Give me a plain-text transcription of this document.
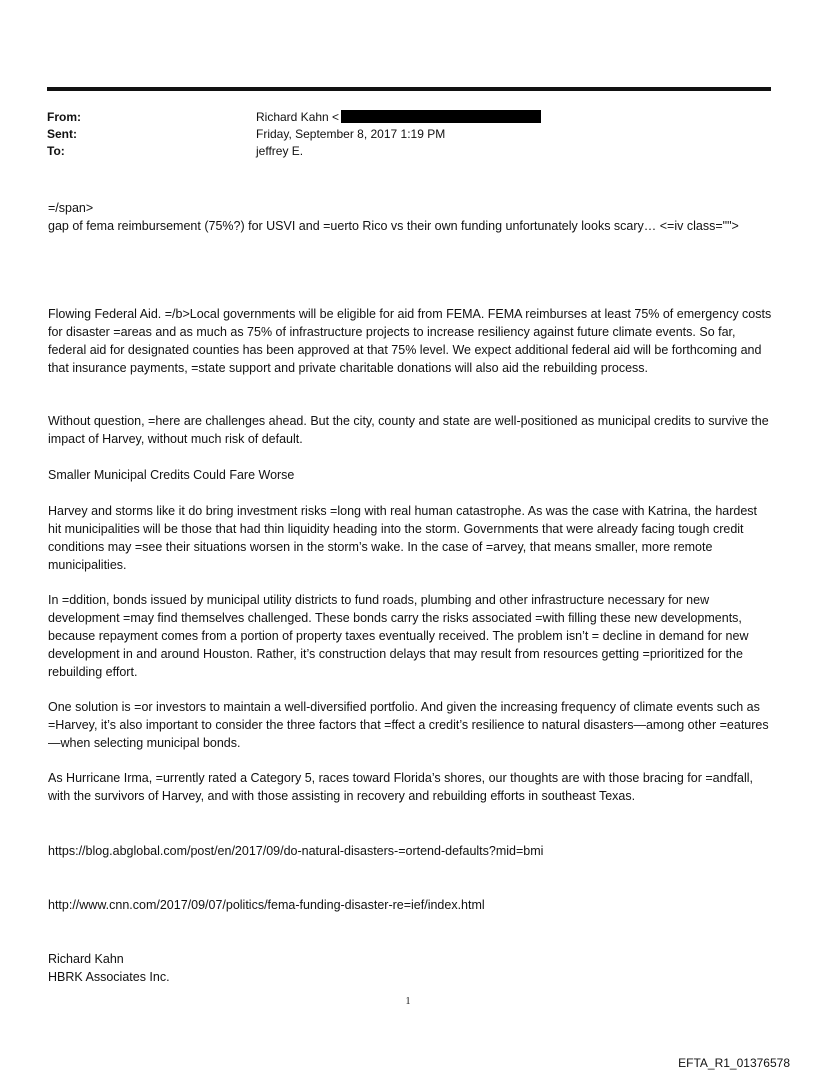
From:	Richard Kahn <
Sent:	Friday, September 8, 2017 1:19 PM
To:	jeffrey E.

=/span>

gap of fema reimbursement (75%?) for USVI and =uerto Rico vs their own funding unfortunately looks scary… <=iv class="">

Flowing Federal Aid. =/b>Local governments will be eligible for aid from FEMA. FEMA reimburses at least 75% of emergency costs for disaster =areas and as much as 75% of infrastructure projects to increase resiliency against future climate events. So far, federal aid for designated counties has been approved at that 75% level. We expect additional federal aid will be forthcoming and that insurance payments, =state support and private charitable donations will also aid the rebuilding process.

Without question, =here are challenges ahead. But the city, county and state are well-positioned as municipal credits to survive the impact of Harvey, without much risk of default.

Smaller Municipal Credits Could Fare Worse

Harvey and storms like it do bring investment risks =long with real human catastrophe. As was the case with Katrina, the hardest hit municipalities will be those that had thin liquidity heading into the storm. Governments that were already facing tough credit conditions may =see their situations worsen in the storm’s wake. In the case of =arvey, that means smaller, more remote municipalities.

In =ddition, bonds issued by municipal utility districts to fund roads, plumbing and other infrastructure necessary for new development =may find themselves challenged. These bonds carry the risks associated =with filling these new developments, because repayment comes from a portion of property taxes eventually received. The problem isn’t = decline in demand for new development in and around Houston. Rather, it’s construction delays that may result from resources getting =prioritized for the rebuilding effort.

One solution is =or investors to maintain a well-diversified portfolio. And given the increasing frequency of climate events such as =Harvey, it’s also important to consider the three factors that =ffect a credit’s resilience to natural disasters—among other =eatures—when selecting municipal bonds.

As Hurricane Irma, =urrently rated a Category 5, races toward Florida’s shores, our thoughts are with those bracing for =andfall, with the survivors of Harvey, and with those assisting in recovery and rebuilding efforts in southeast Texas.

https://blog.abglobal.com/post/en/2017/09/do-natural-disasters-=ortend-defaults?mid=bmi

http://www.cnn.com/2017/09/07/politics/fema-funding-disaster-re=ief/index.html

Richard Kahn

HBRK Associates Inc.

1
EFTA_R1_01376578
